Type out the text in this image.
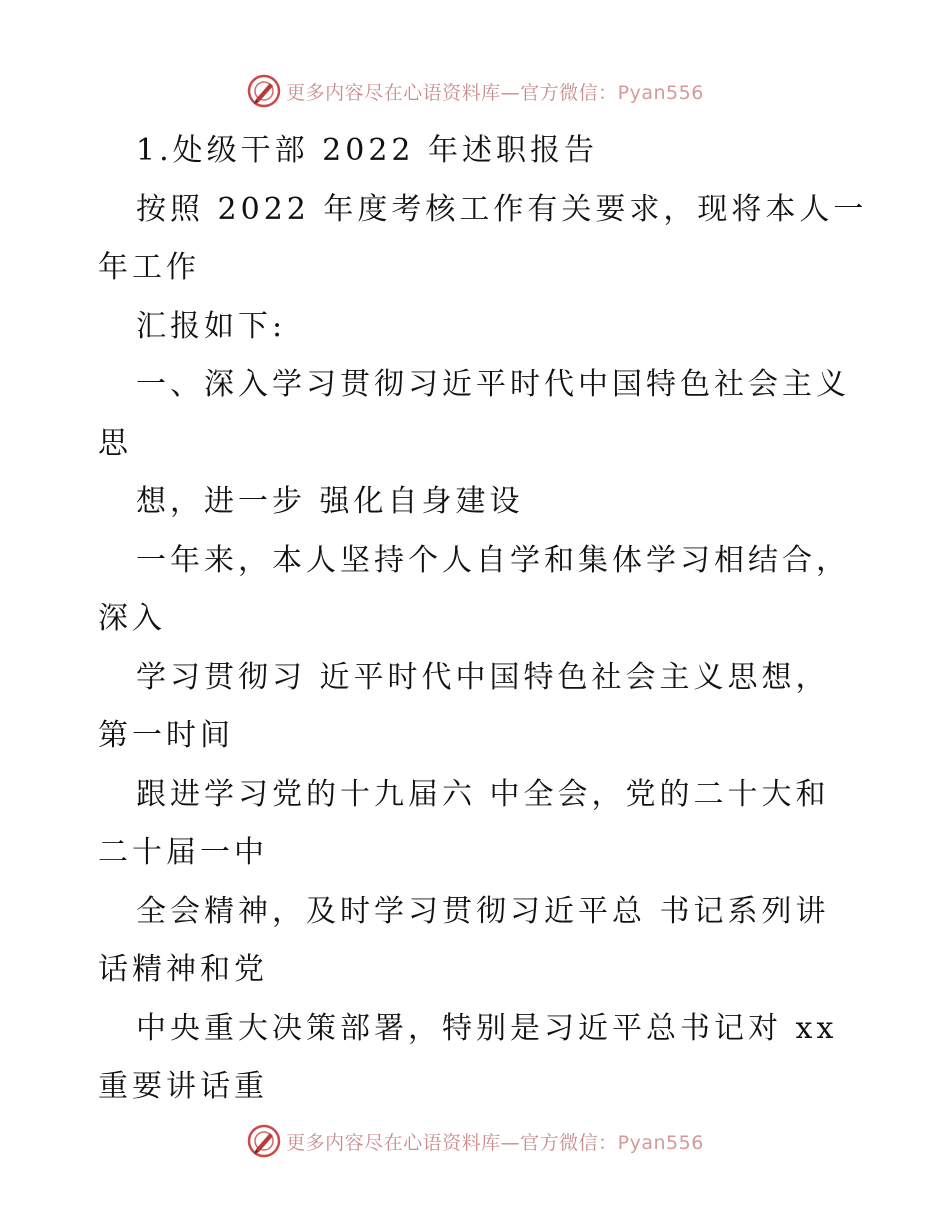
更多内容尽在心语资料库—官方微信：Pyan556
1.处级干部 2022 年述职报告
按照 2022 年度考核工作有关要求，现将本人一
年工作
汇报如下:
一、深入学习贯彻习近平时代中国特色社会主义
思
想，进一步 强化自身建设
一年来，本人坚持个人自学和集体学习相结合，
深入
学习贯彻习 近平时代中国特色社会主义思想，
第一时间
跟进学习党的十九届六 中全会，党的二十大和
二十届一中
全会精神，及时学习贯彻习近平总 书记系列讲
话精神和党
中央重大决策部署，特别是习近平总书记对 xx
重要讲话重
更多内容尽在心语资料库—官方微信：Pyan556
